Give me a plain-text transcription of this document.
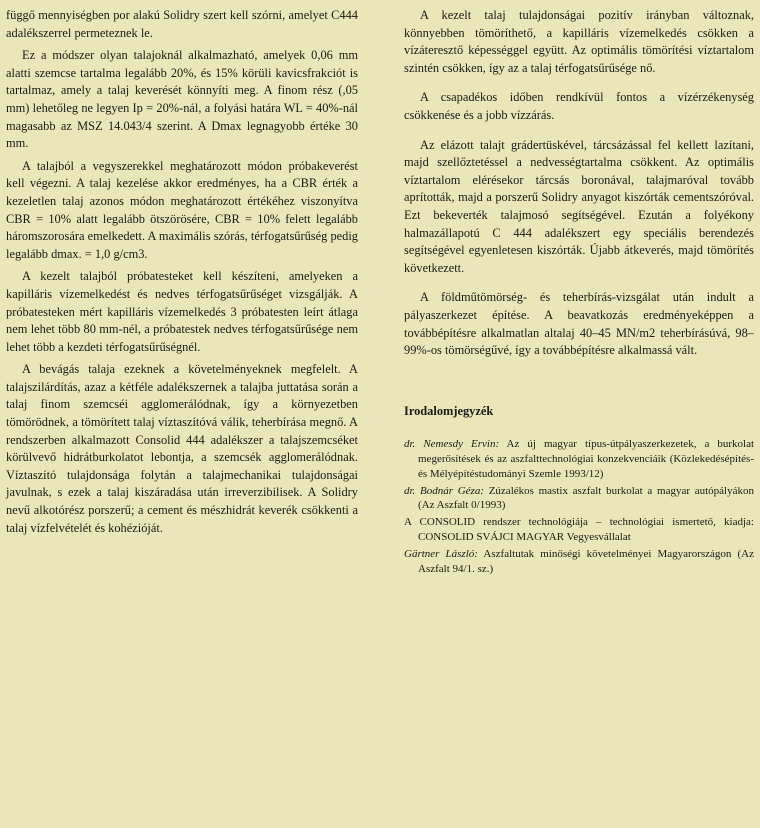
függő mennyiségben por alakú Solidry szert kell szórni, amelyet C444 adalékszerrel permeteznek le.

Ez a módszer olyan talajoknál alkalmazható, amelyek 0,06 mm alatti szemcse tartalma legalább 20%, és 15% körüli kavicsfrakciót is tartalmaz, amely a talaj keverését könnyíti meg. A finom rész (,05 mm) lehetőleg ne legyen Ip = 20%-nál, a folyási határa WL = 40%-nál magasabb az MSZ 14.043/4 szerint. A Dmax legnagyobb értéke 30 mm.

A talajból a vegyszerekkel meghatározott módon próbakeverést kell végezni. A talaj kezelése akkor eredményes, ha a CBR érték a kezeletlen talaj azonos módon meghatározott értékéhez viszonyítva CBR = 10% alatt legalább ötszörösére, CBR = 10% felett legalább háromszorosára emelkedett. A maximális szórás, térfogatsűrűség pedig legalább dmax. = 1,0 g/cm3.

A kezelt talajból próbatesteket kell készíteni, amelyeken a kapilláris vízemelkedést és nedves térfogatsűrűséget vizsgálják. A próbatesteken mért kapilláris vízemelkedés 3 próbatesten leírt átlaga nem lehet több 80 mm-nél, a próbatestek nedves térfogatsűrűsége nem lehet több a kezdeti térfogatsűrűségnél.

A bevágás talaja ezeknek a követelményeknek megfelelt. A talajszilárdítás, azaz a kétféle adalékszernek a talajba juttatása során a talaj finom szemcséi agglomerálódnak, így a környezetben tömörödnek, a tömörített talaj víztaszítóvá válik, teherbírása megnő. A rendszerben alkalmazott Consolid 444 adalékszer a talajszemcséket körülvevő hidrátburkolatot lebontja, a szemcsék agglomerálódnak. Víztaszító tulajdonsága folytán a talajmechanikai tulajdonságai javulnak, s ezek a talaj kiszáradása után irreverzibilisek. A Solidry nevű alkotórész porszerű; a cement és mészhidrát keverék csökkenti a talaj vízfelvételét és kohézióját.

A kezelt talaj tulajdonságai pozitív irányban változnak, könnyebben tömöríthető, a kapilláris vízemelkedés csökken a vízáteresztő képességgel együtt. Az optimális tömörítési víztartalom szintén csökken, így az a talaj térfogatsűrűsége nő.

A csapadékos időben rendkívül fontos a vízérzékenység csökkenése és a jobb vízzárás.

Az elázott talajt grádertüskével, tárcsázással fel kellett lazítani, majd szellőztetéssel a nedvességtartalma csökkent. Az optimális víztartalom elérésekor tárcsás boronával, talajmaróval tovább aprították, majd a porszerű Solidry anyagot kiszórták cementszóróval. Ezt bekeverték talajmosó segítségével. Ezután a folyékony halmazállapotú C 444 adalékszert egy speciális berendezés segítségével egyenletesen kiszórták. Újabb átkeverés, majd tömörítés következett.

A földműtömörség- és teherbírás-vizsgálat után indult a pályaszerkezet építése. A beavatkozás eredményeképpen a továbbépítésre alkalmatlan altalaj 40–45 MN/m2 teherbírásúvá, 98–99%-os tömörségűvé, így a továbbépítésre alkalmassá vált.

Irodalomjegyzék
dr. Nemesdy Ervin: Az új magyar típus-útpályaszerkezetek, a burkolat megerősítések és az aszfalttechnológiai konzekvenciáik (Közlekedésépítés- és Mélyépítéstudományi Szemle 1993/12)
dr. Bodnár Géza: Zúzalékos mastix aszfalt burkolat a magyar autópályákon (Az Aszfalt 0/1993)
A CONSOLID rendszer technológiája – technológiai ismertető, kiadja: CONSOLID SVÁJCI MAGYAR Vegyesvállalat
Gärtner László: Aszfaltutak minőségi követelményei Magyarországon (Az Aszfalt 94/1. sz.)
